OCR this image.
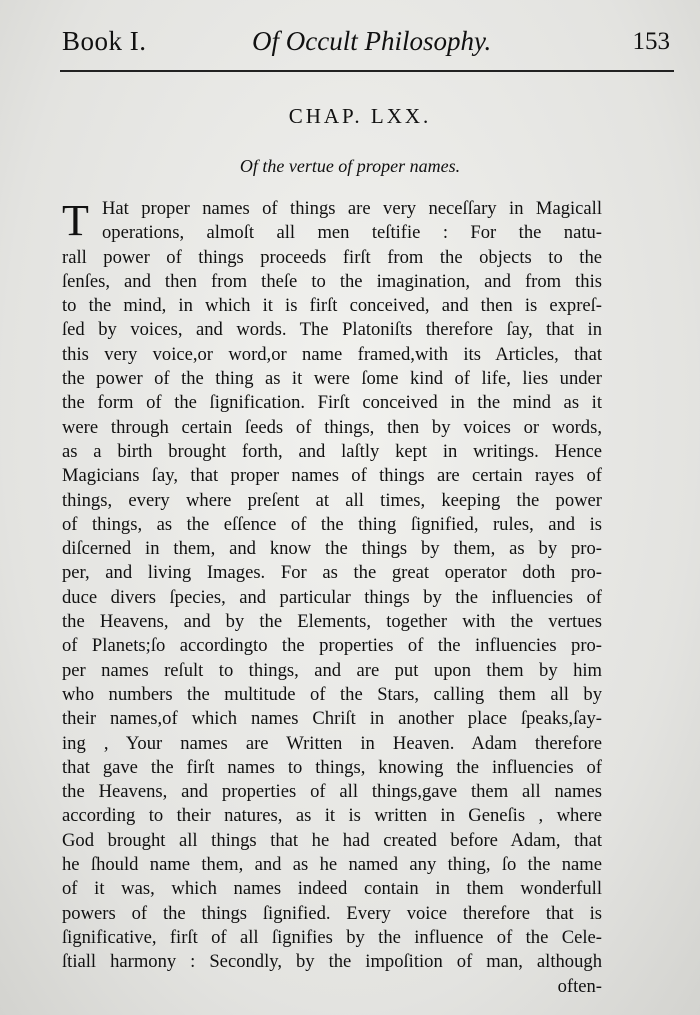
Book I.	Of Occult Philosophy.	153
CHAP. LXX.
Of the vertue of proper names.
T Hat proper names of things are very neceſſary in Magicall
operations, almoſt all men teſtifie : For the natu-
rall power of things proceeds firſt from the objects to the
ſenſes, and then from theſe to the imagination, and from this
to the mind, in which it is firſt conceived, and then is expreſ-
ſed by voices, and words. The Platoniſts therefore ſay, that in
this very voice,or word,or name framed,with its Articles, that
the power of the thing as it were ſome kind of life, lies under
the form of the ſignification. Firſt conceived in the mind as it
were through certain ſeeds of things, then by voices or words,
as a birth brought forth, and laſtly kept in writings. Hence
Magicians ſay, that proper names of things are certain rayes of
things, every where preſent at all times, keeping the power
of things, as the eſſence of the thing ſignified, rules, and is
diſcerned in them, and know the things by them, as by pro-
per, and living Images. For as the great operator doth pro-
duce divers ſpecies, and particular things by the influencies of
the Heavens, and by the Elements, together with the vertues
of Planets;ſo accordingto the properties of the influencies pro-
per names reſult to things, and are put upon them by him
who numbers the multitude of the Stars, calling them all by
their names,of which names Chriſt in another place ſpeaks,ſay-
ing , Your names are Written in Heaven. Adam therefore
that gave the firſt names to things, knowing the influencies of
the Heavens, and properties of all things,gave them all names
according to their natures, as it is written in Geneſis , where
God brought all things that he had created before Adam, that
he ſhould name them, and as he named any thing, ſo the name
of it was, which names indeed contain in them wonderfull
powers of the things ſignified. Every voice therefore that is
ſignificative, firſt of all ſignifies by the influence of the Cele-
ſtiall harmony : Secondly, by the impoſition of man, although
often-
